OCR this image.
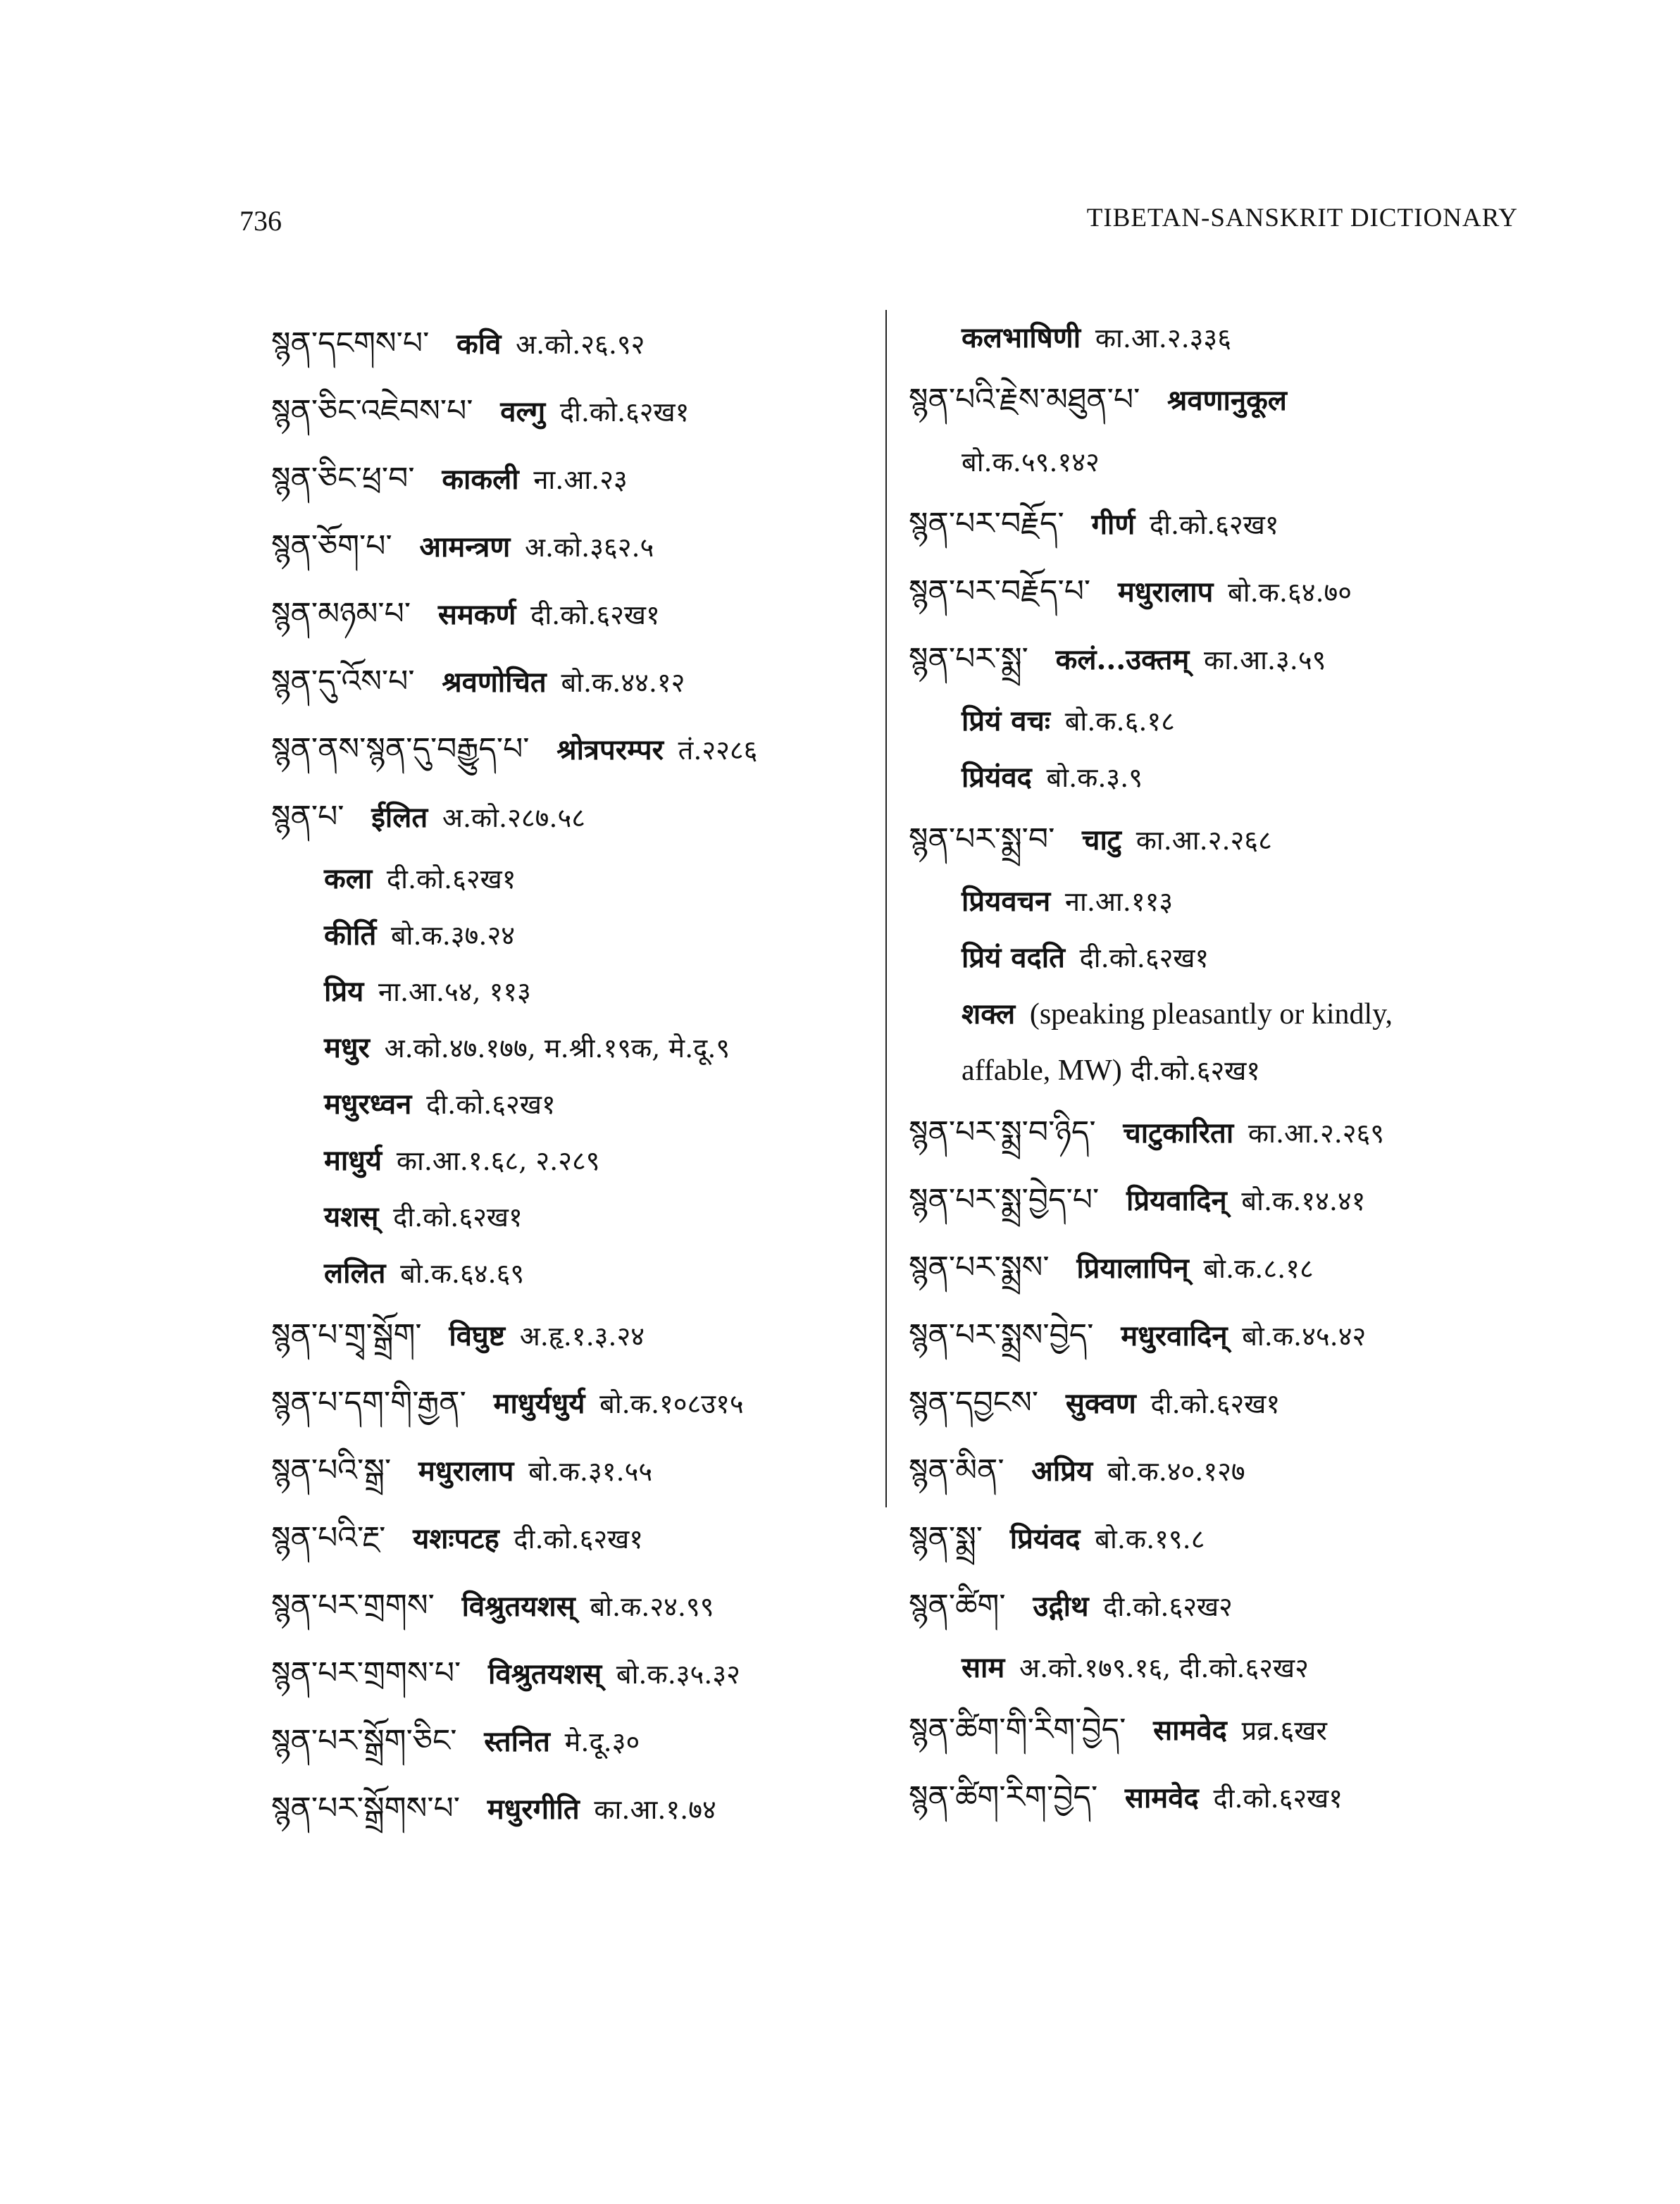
736	TIBETAN-SANSKRIT DICTIONARY
སྙན་དངགས་པ་ कवि अ.को.२६.९२
སྙན་ཅིང་འཇེབས་པ་ वल्गु दी.को.६२ख१
སྙན་ཅིང་ཕྲ་བ་ काकली ना.आ.२३
སྙན་ཅོག་པ་ आमन्त्रण अ.को.३६२.५
སྙན་མཉམ་པ་ समकर्ण दी.को.६२ख१
སྙན་དུ་འོས་པ་ श्रवणोचित बो.क.४४.१२
སྙན་ནས་སྙན་དུ་བརྒྱུད་པ་ श्रोत्रपरम्पर तं.२२८६
སྙན་པ་ ईलित अ.को.२८७.५८
कला दी.को.६२ख१
कीर्ति बो.क.३७.२४
प्रिय ना.आ.५४, ११३
मधुर अ.को.४७.१७७, म.श्री.१९क, मे.दू.९
मधुरध्वन दी.को.६२ख१
माधुर्य का.आ.१.६८, २.२८९
यशस् दी.को.६२ख१
ललित बो.क.६४.६९
སྙན་པ་གྲྭ་སྒྲོག་ विघुष्ट अ.हृ.१.३.२४
སྙན་པ་དག་གི་རྒྱན་ माधुर्यधुर्य बो.क.१०८उ१५
སྙན་པའི་སྒྲ་ मधुरालाप बो.क.३१.५५
སྙན་པའི་རྔ་ यशःपटह दी.को.६२ख१
སྙན་པར་གྲགས་ विश्रुतयशस् बो.क.२४.९९
སྙན་པར་གྲགས་པ་ विश्रुतयशस् बो.क.३५.३२
སྙན་པར་སྒྲོག་ཅིང་ स्तनित मे.दू.३०
སྙན་པར་སྒྲོགས་པ་ मधुरगीति का.आ.१.७४
कलभाषिणी का.आ.२.३३६
སྙན་པའི་རྗེས་མཐུན་པ་ श्रवणानुकूल
बो.क.५९.१४२
སྙན་པར་བརྗོད་ गीर्ण दी.को.६२ख१
སྙན་པར་བརྗོད་པ་ मधुरालाप बो.क.६४.७०
སྙན་པར་སྨྲ་ कलं...उक्तम् का.आ.३.५९
प्रियं वचः बो.क.६.१८
प्रियंवद बो.क.३.९
སྙན་པར་སྨྲ་བ་ चाटु का.आ.२.२६८
प्रियवचन ना.आ.११३
प्रियं वदति दी.को.६२ख१
शक्ल (speaking pleasantly or kindly,
affable, MW) दी.को.६२ख१
སྙན་པར་སྨྲ་བ་ཉིད་ चाटुकारिता का.आ.२.२६९
སྙན་པར་སྨྲ་བྱེད་པ་ प्रियवादिन् बो.क.१४.४१
སྙན་པར་སྨྲས་ प्रियालापिन् बो.क.८.१८
སྙན་པར་སྨྲས་བྱེད་ मधुरवादिन् बो.क.४५.४२
སྙན་དབྱངས་ सुक्वण दी.को.६२ख१
སྙན་མིན་ अप्रिय बो.क.४०.१२७
སྙན་སྨྲ་ प्रियंवद बो.क.१९.८
སྙན་ཚིག་ उद्गीथ दी.को.६२ख२
साम अ.को.१७९.१६, दी.को.६२ख२
སྙན་ཚིག་གི་རིག་བྱེད་ सामवेद प्रव्र.६खर
སྙན་ཚིག་རིག་བྱེད་ सामवेद दी.को.६२ख१
